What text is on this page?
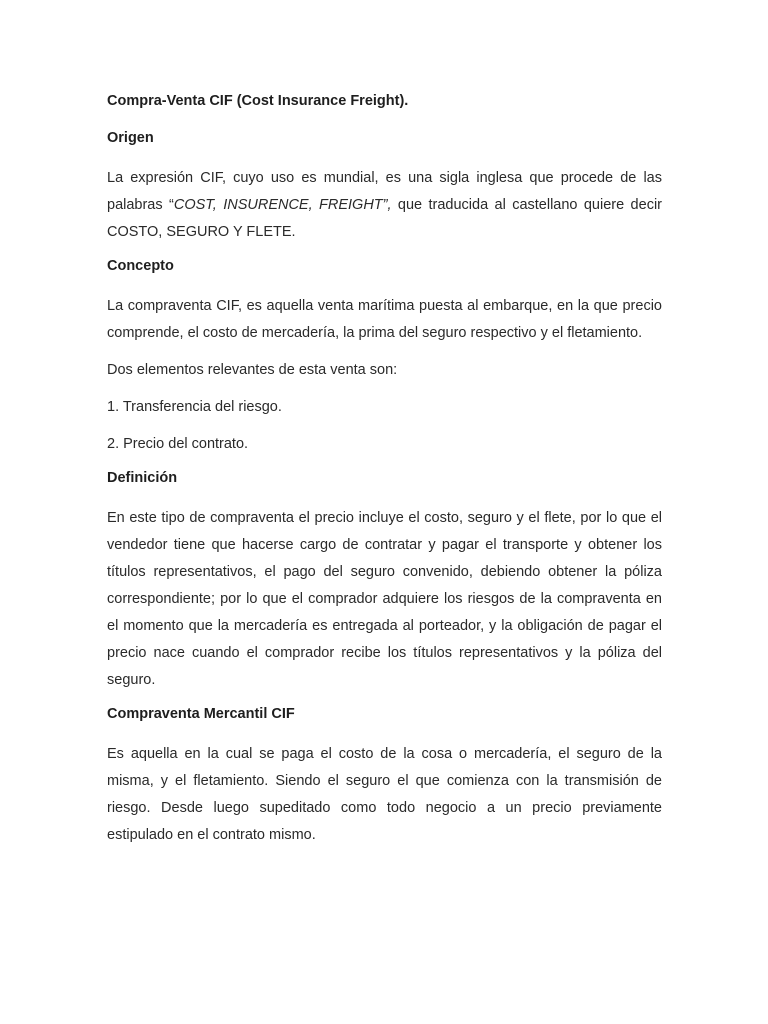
Compra-Venta CIF (Cost Insurance Freight).
Origen

La expresión CIF, cuyo uso es mundial, es una sigla inglesa que procede de las palabras “COST, INSURENCE, FREIGHT”, que traducida al castellano quiere decir COSTO, SEGURO Y FLETE.

Concepto

La compraventa CIF, es aquella venta marítima puesta al embarque, en la que precio comprende, el costo de mercadería, la prima del seguro respectivo y el fletamiento.

Dos elementos relevantes de esta venta son:

1. Transferencia del riesgo.

2. Precio del contrato.

Definición

En este tipo de compraventa el precio incluye el costo, seguro y el flete, por lo que el vendedor tiene que hacerse cargo de contratar y pagar el transporte y obtener los títulos representativos, el pago del seguro convenido, debiendo obtener la póliza correspondiente; por lo que el comprador adquiere los riesgos de la compraventa en el momento que la mercadería es entregada al porteador, y la obligación de pagar el precio nace cuando el comprador recibe los títulos representativos y la póliza del seguro.

Compraventa Mercantil CIF

Es aquella en la cual se paga el costo de la cosa o mercadería, el seguro de la misma, y el fletamiento. Siendo el seguro el que comienza con la transmisión de riesgo. Desde luego supeditado como todo negocio a un precio previamente estipulado en el contrato mismo.
